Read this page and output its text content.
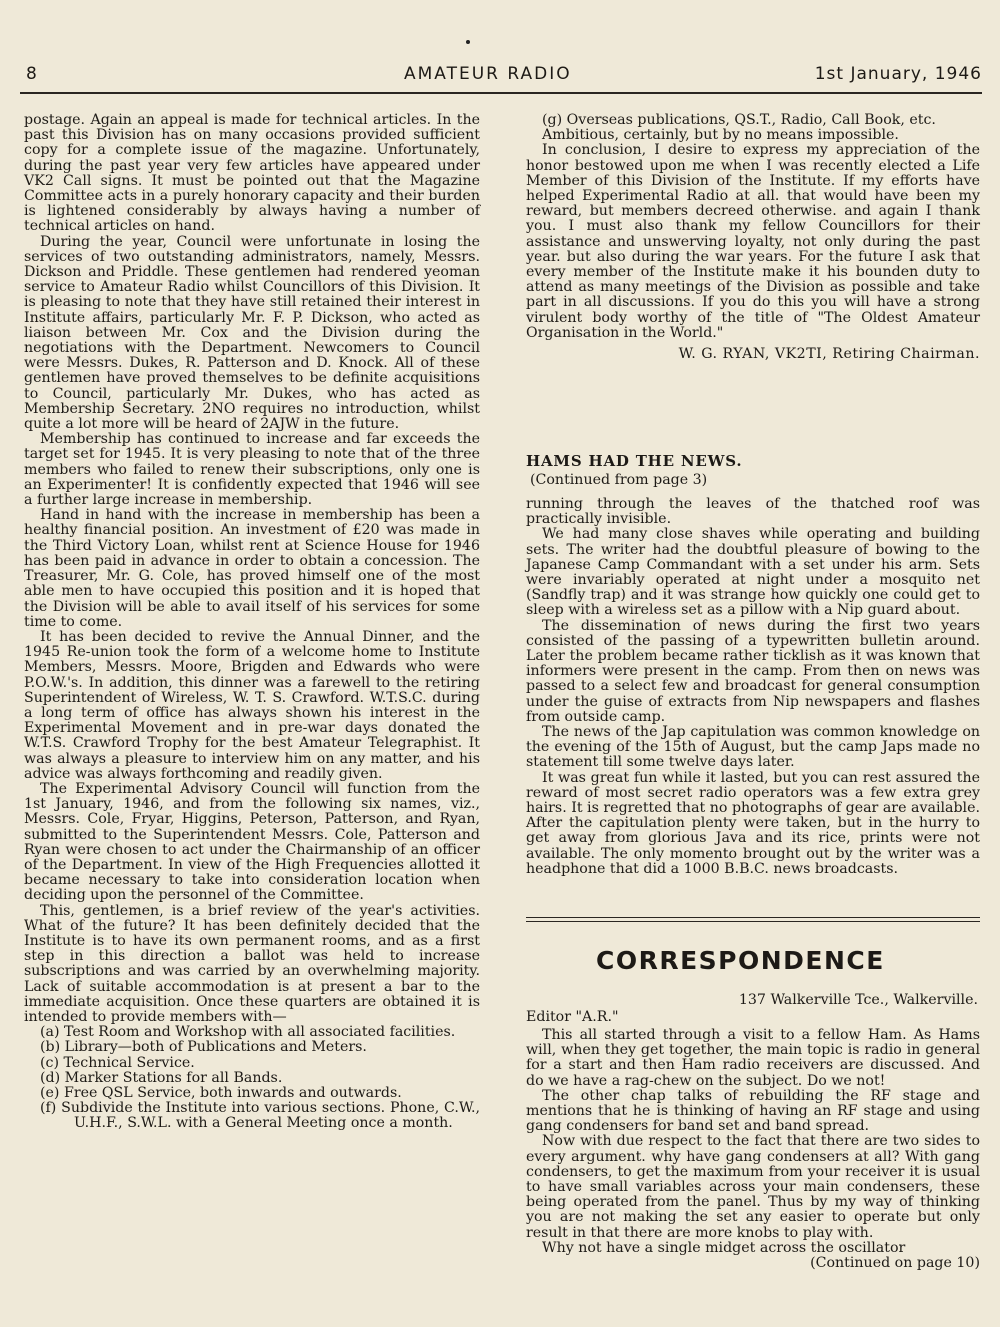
8	AMATEUR RADIO	1st January, 1946

postage. Again an appeal is made for technical articles. In the past this Division has on many occasions provided sufficient copy for a complete issue of the magazine. Unfortunately, during the past year very few articles have appeared under VK2 Call signs. It must be pointed out that the Magazine Committee acts in a purely honorary capacity and their burden is lightened considerably by always having a number of technical articles on hand.

During the year, Council were unfortunate in losing the services of two outstanding administrators, namely, Messrs. Dickson and Priddle. These gentlemen had rendered yeoman service to Amateur Radio whilst Councillors of this Division. It is pleasing to note that they have still retained their interest in Institute affairs, particularly Mr. F. P. Dickson, who acted as liaison between Mr. Cox and the Division during the negotiations with the Department. Newcomers to Council were Messrs. Dukes, R. Patterson and D. Knock. All of these gentlemen have proved themselves to be definite acquisitions to Council, particularly Mr. Dukes, who has acted as Membership Secretary. 2NO requires no introduction, whilst quite a lot more will be heard of 2AJW in the future.

Membership has continued to increase and far exceeds the target set for 1945. It is very pleasing to note that of the three members who failed to renew their subscriptions, only one is an Experimenter! It is confidently expected that 1946 will see a further large increase in membership.

Hand in hand with the increase in membership has been a healthy financial position. An investment of £20 was made in the Third Victory Loan, whilst rent at Science House for 1946 has been paid in advance in order to obtain a concession. The Treasurer, Mr. G. Cole, has proved himself one of the most able men to have occupied this position and it is hoped that the Division will be able to avail itself of his services for some time to come.

It has been decided to revive the Annual Dinner, and the 1945 Re-union took the form of a welcome home to Institute Members, Messrs. Moore, Brigden and Edwards who were P.O.W.'s. In addition, this dinner was a farewell to the retiring Superintendent of Wireless, W. T. S. Crawford. W.T.S.C. during a long term of office has always shown his interest in the Experimental Movement and in pre-war days donated the W.T.S. Crawford Trophy for the best Amateur Telegraphist. It was always a pleasure to interview him on any matter, and his advice was always forthcoming and readily given.

The Experimental Advisory Council will function from the 1st January, 1946, and from the following six names, viz., Messrs. Cole, Fryar, Higgins, Peterson, Patterson, and Ryan, submitted to the Superintendent Messrs. Cole, Patterson and Ryan were chosen to act under the Chairmanship of an officer of the Department. In view of the High Frequencies allotted it became necessary to take into consideration location when deciding upon the personnel of the Committee.

This, gentlemen, is a brief review of the year's activities. What of the future? It has been definitely decided that the Institute is to have its own permanent rooms, and as a first step in this direction a ballot was held to increase subscriptions and was carried by an overwhelming majority. Lack of suitable accommodation is at present a bar to the immediate acquisition. Once these quarters are obtained it is intended to provide members with—

(a) Test Room and Workshop with all associated facilities.
(b) Library—both of Publications and Meters.
(c) Technical Service.
(d) Marker Stations for all Bands.
(e) Free QSL Service, both inwards and outwards.
(f) Subdivide the Institute into various sections. Phone, C.W., U.H.F., S.W.L. with a General Meeting once a month.
(g) Overseas publications, QS.T., Radio, Call Book, etc.

Ambitious, certainly, but by no means impossible.

In conclusion, I desire to express my appreciation of the honor bestowed upon me when I was recently elected a Life Member of this Division of the Institute. If my efforts have helped Experimental Radio at all. that would have been my reward, but members decreed otherwise. and again I thank you. I must also thank my fellow Councillors for their assistance and unswerving loyalty, not only during the past year. but also during the war years. For the future I ask that every member of the Institute make it his bounden duty to attend as many meetings of the Division as possible and take part in all discussions. If you do this you will have a strong virulent body worthy of the title of "The Oldest Amateur Organisation in the World."

W. G. RYAN, VK2TI, Retiring Chairman.
HAMS HAD THE NEWS.
(Continued from page 3)

running through the leaves of the thatched roof was practically invisible.

We had many close shaves while operating and building sets. The writer had the doubtful pleasure of bowing to the Japanese Camp Commandant with a set under his arm. Sets were invariably operated at night under a mosquito net (Sandfly trap) and it was strange how quickly one could get to sleep with a wireless set as a pillow with a Nip guard about.

The dissemination of news during the first two years consisted of the passing of a typewritten bulletin around. Later the problem became rather ticklish as it was known that informers were present in the camp. From then on news was passed to a select few and broadcast for general consumption under the guise of extracts from Nip newspapers and flashes from outside camp.

The news of the Jap capitulation was common knowledge on the evening of the 15th of August, but the camp Japs made no statement till some twelve days later.

It was great fun while it lasted, but you can rest assured the reward of most secret radio operators was a few extra grey hairs. It is regretted that no photographs of gear are available. After the capitulation plenty were taken, but in the hurry to get away from glorious Java and its rice, prints were not available. The only momento brought out by the writer was a headphone that did a 1000 B.B.C. news broadcasts.

CORRESPONDENCE
137 Walkerville Tce., Walkerville.
Editor "A.R."

This all started through a visit to a fellow Ham. As Hams will, when they get together, the main topic is radio in general for a start and then Ham radio receivers are discussed. And do we have a rag-chew on the subject. Do we not!

The other chap talks of rebuilding the RF stage and mentions that he is thinking of having an RF stage and using gang condensers for band set and band spread.

Now with due respect to the fact that there are two sides to every argument. why have gang condensers at all? With gang condensers, to get the maximum from your receiver it is usual to have small variables across your main condensers, these being operated from the panel. Thus by my way of thinking you are not making the set any easier to operate but only result in that there are more knobs to play with.

Why not have a single midget across the oscillator

(Continued on page 10)
